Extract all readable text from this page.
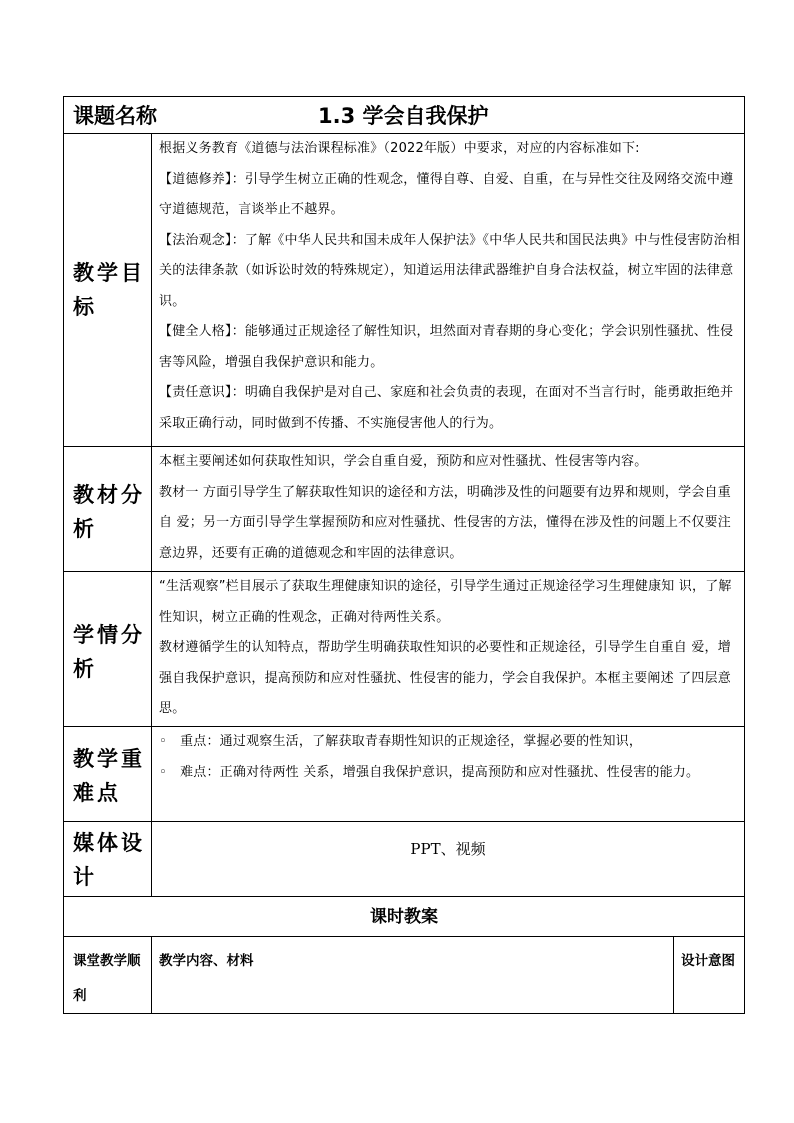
课题名称	1.3 学会自我保护
教学目标

根据义务教育《道德与法治课程标准》（2022年版）中要求，对应的内容标准如下:

【道德修养】：引导学生树立正确的性观念，懂得自尊、自爱、自重，在与异性交往及网络交流中遵守道德规范，言谈举止不越界。

【法治观念】：了解《中华人民共和国未成年人保护法》《中华人民共和国民法典》中与性侵害防治相关的法律条款（如诉讼时效的特殊规定），知道运用法律武器维护自身合法权益，树立牢固的法律意识。

【健全人格】：能够通过正规途径了解性知识，坦然面对青春期的身心变化；学会识别性骚扰、性侵害等风险，增强自我保护意识和能力。

【责任意识】：明确自我保护是对自己、家庭和社会负责的表现，在面对不当言行时，能勇敢拒绝并采取正确行动，同时做到不传播、不实施侵害他人的行为。

教材分析

本框主要阐述如何获取性知识，学会自重自爱，预防和应对性骚扰、性侵害等内容。

教材一 方面引导学生了解获取性知识的途径和方法，明确涉及性的问题要有边界和规则，学会自重自 爱；另一方面引导学生掌握预防和应对性骚扰、性侵害的方法，懂得在涉及性的问题上不仅要注 意边界，还要有正确的道德观念和牢固的法律意识。

学情分析

“生活观察”栏目展示了获取生理健康知识的途径，引导学生通过正规途径学习生理健康知 识，了解性知识，树立正确的性观念，正确对待两性关系。

教材遵循学生的认知特点，帮助学生明确获取性知识的必要性和正规途径，引导学生自重自 爱，增强自我保护意识，提高预防和应对性骚扰、性侵害的能力，学会自我保护。本框主要阐述 了四层意思。

教学重难点

◦　重点：通过观察生活，了解获取青春期性知识的正规途径，掌握必要的性知识，

◦　难点：正确对待两性 关系，增强自我保护意识，提高预防和应对性骚扰、性侵害的能力。

媒体设计
PPT、视频
课时教案
课堂教学顺利
教学内容、材料	设计意图
